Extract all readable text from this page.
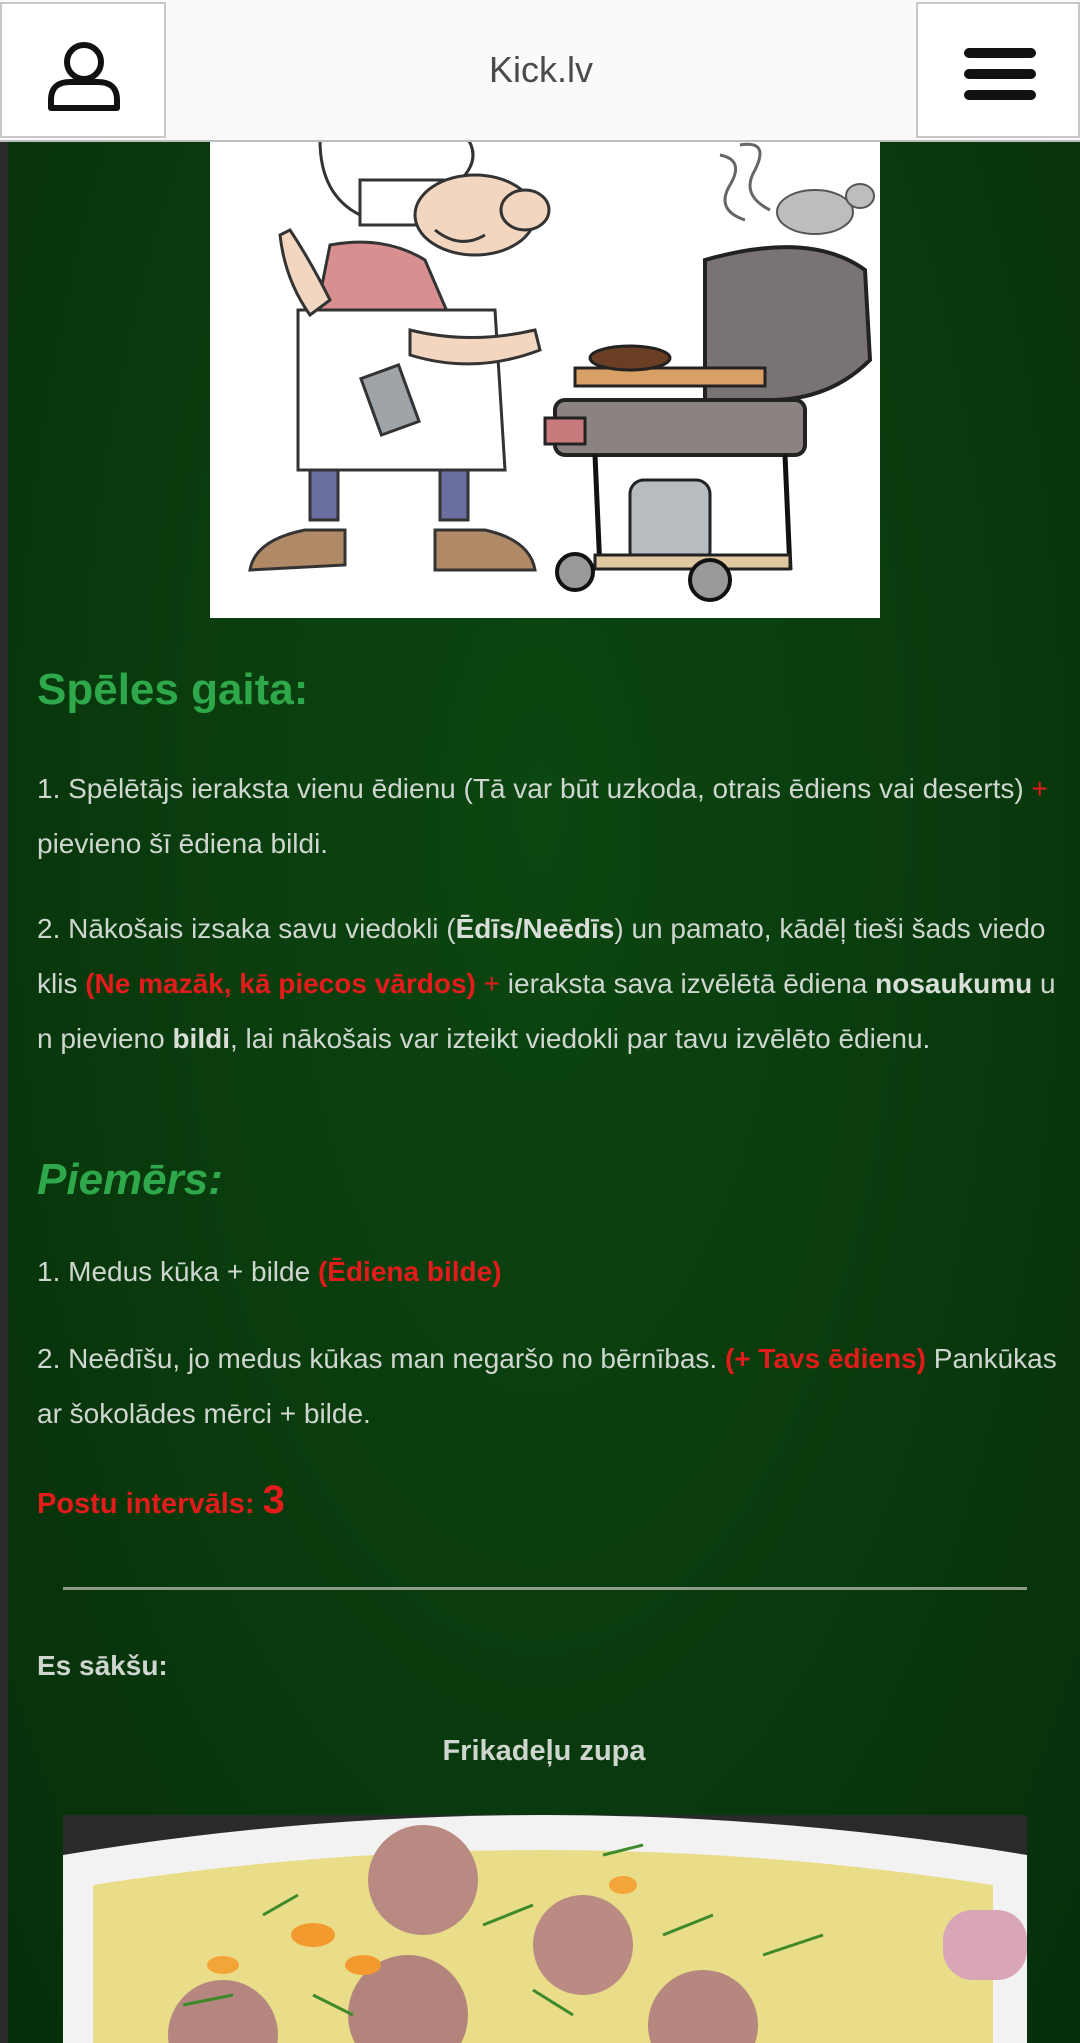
Kick.lv
Spēles gaita:

1. Spēlētājs ieraksta vienu ēdienu (Tā var būt uzkoda, otrais ēdiens vai deserts) + pievieno šī ēdiena bildi.

2. Nākošais izsaka savu viedokli (Ēdīs/Neēdīs) un pamato, kādēļ tieši šads viedoklis (Ne mazāk, kā piecos vārdos) + ieraksta sava izvēlētā ēdiena nosaukumu un pievieno bildi, lai nākošais var izteikt viedokli par tavu izvēlēto ēdienu.

Piemērs:

1. Medus kūka + bilde (Ēdiena bilde)

2. Neēdīšu, jo medus kūkas man negaršo no bērnības. (+ Tavs ēdiens) Pankūkas ar šokolādes mērci + bilde.

Postu intervāls: 3
Es sākšu:
Frikadeļu zupa
